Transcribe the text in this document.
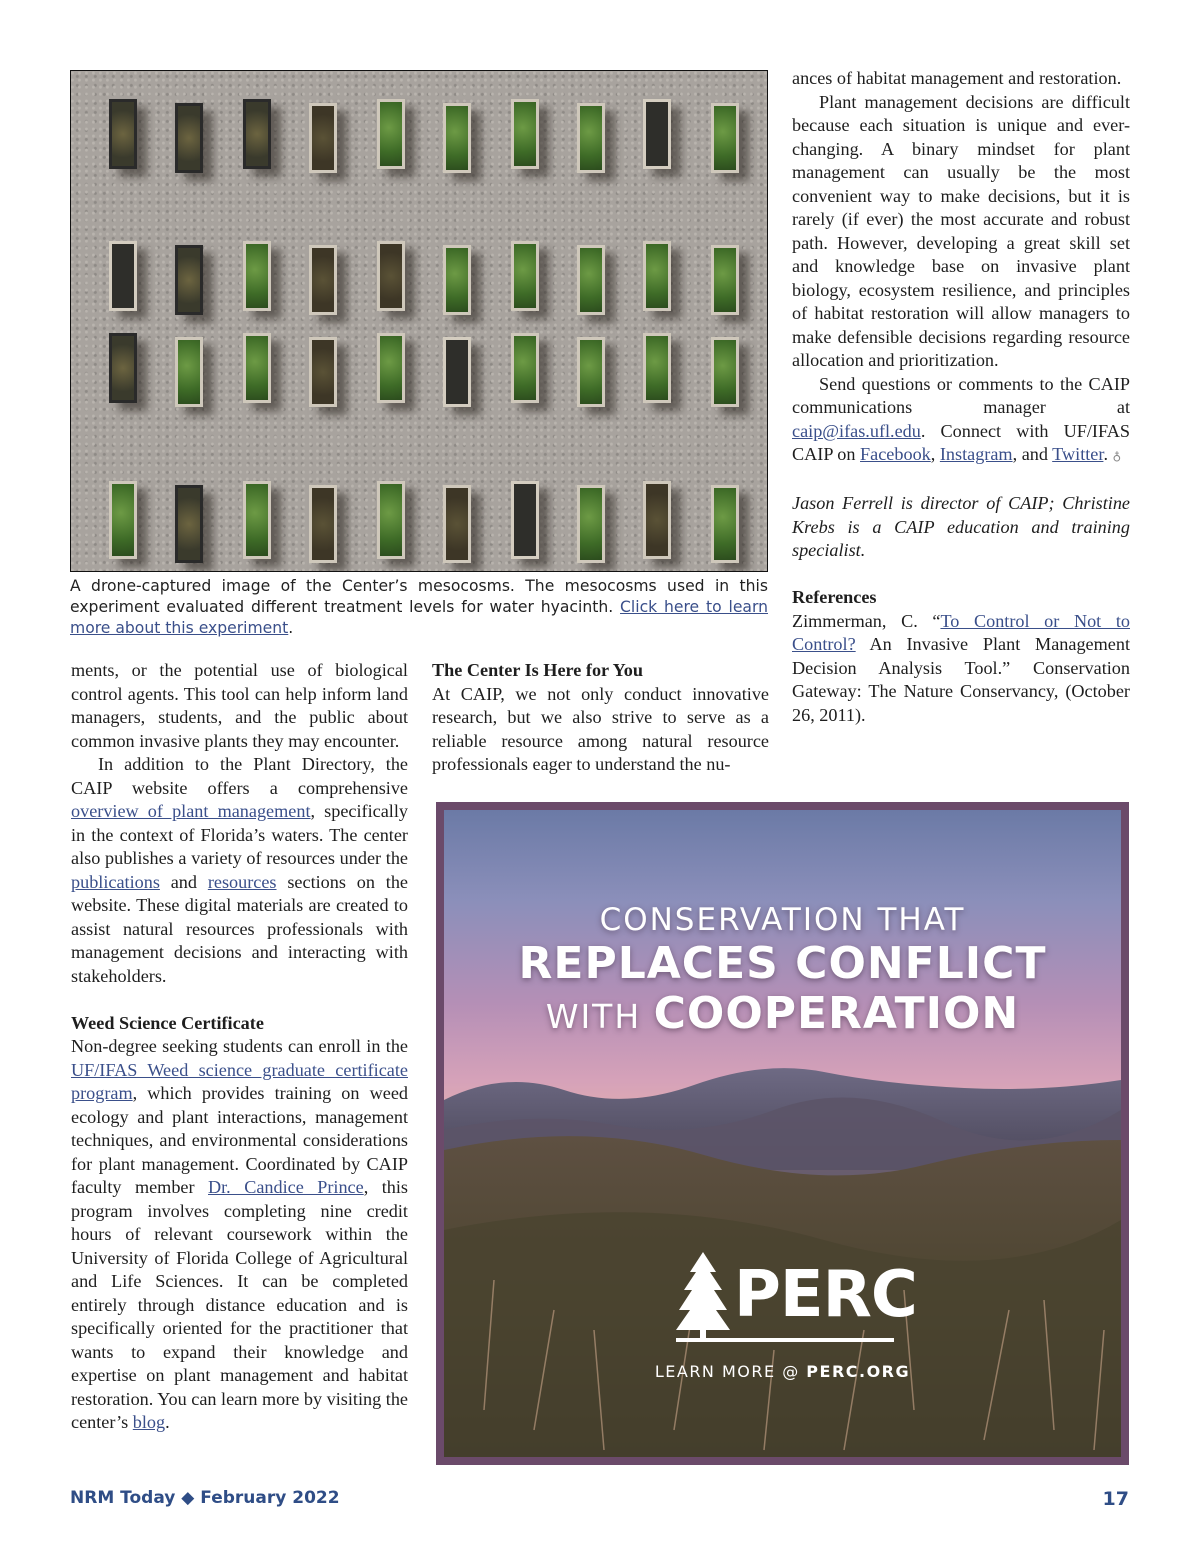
A drone-captured image of the Center’s mesocosms. The mesocosms used in this experiment evaluated different treatment levels for water hyacinth. Click here to learn more about this experiment.

ments, or the potential use of biological control agents. This tool can help inform land managers, students, and the public about common invasive plants they may encounter.

In addition to the Plant Directory, the CAIP website offers a comprehensive overview of plant management, specifically in the context of Florida’s waters. The center also publishes a variety of resources under the publications and resources sections on the website. These digital materials are created to assist natural resources professionals with management decisions and interacting with stakeholders.

Weed Science Certificate

Non-degree seeking students can enroll in the UF/IFAS Weed science graduate certificate program, which provides training on weed ecology and plant interactions, management techniques, and environmental considerations for plant management. Coordinated by CAIP faculty member Dr. Candice Prince, this program involves completing nine credit hours of relevant coursework within the University of Florida College of Agricultural and Life Sciences. It can be completed entirely through distance education and is specifically oriented for the practitioner that wants to expand their knowledge and expertise on plant management and habitat restoration. You can learn more by visiting the center’s blog.

The Center Is Here for You

At CAIP, we not only conduct innovative research, but we also strive to serve as a reliable resource among natural resource professionals eager to understand the nu-

ances of habitat management and restoration.

Plant management decisions are difficult because each situation is unique and ever-changing. A binary mindset for plant management can usually be the most convenient way to make decisions, but it is rarely (if ever) the most accurate and robust path. However, developing a great skill set and knowledge base on invasive plant biology, ecosystem resilience, and principles of habitat restoration will allow managers to make defensible decisions regarding resource allocation and prioritization.

Send questions or comments to the CAIP communications manager at caip@ifas.ufl.edu. Connect with UF/IFAS CAIP on Facebook, Instagram, and Twitter. ♁

Jason Ferrell is director of CAIP; Christine Krebs is a CAIP education and training specialist.

References

Zimmerman, C. “To Control or Not to Control? An Invasive Plant Management Decision Analysis Tool.” Conservation Gateway: The Nature Conservancy, (October 26, 2011).

CONSERVATION THAT
REPLACES CONFLICT
WITH COOPERATION
PERC
LEARN MORE @ PERC.ORG
NRM Today ◆ February 2022	17
